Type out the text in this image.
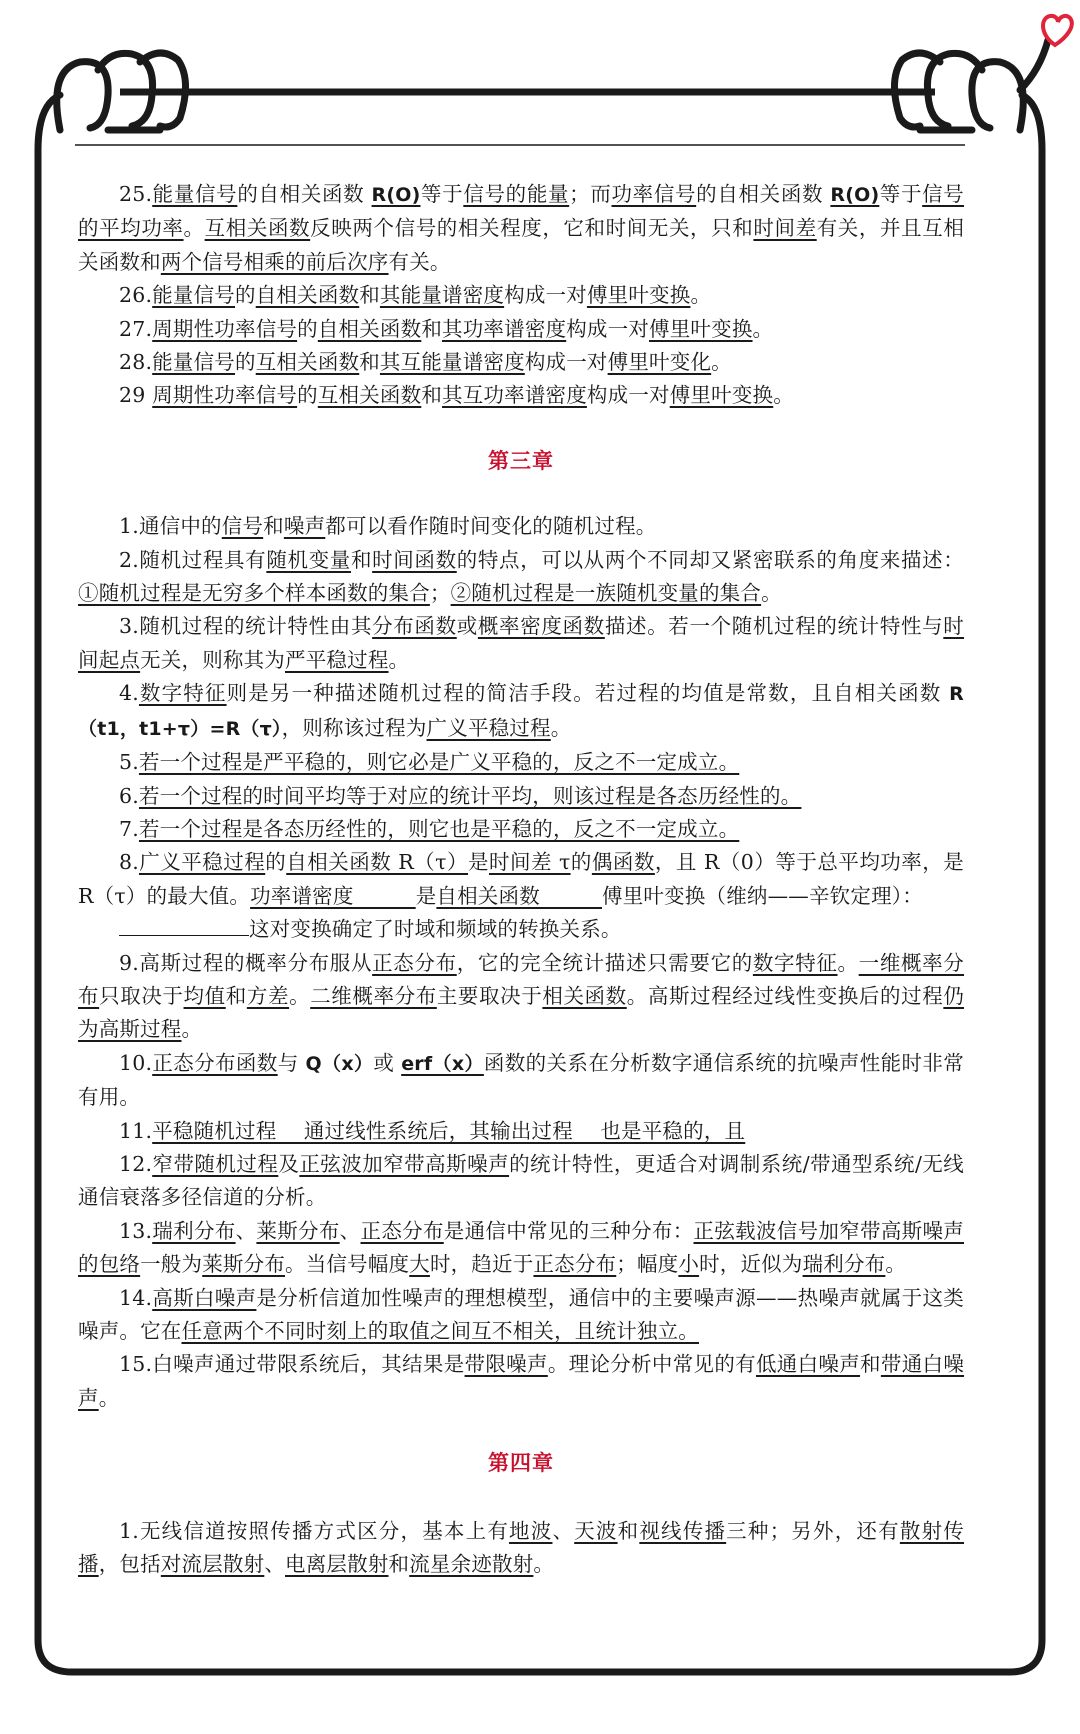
25.能量信号的自相关函数 R(O)等于信号的能量；而功率信号的自相关函数 R(O)等于信号的平均功率。互相关函数反映两个信号的相关程度，它和时间无关，只和时间差有关，并且互相关函数和两个信号相乘的前后次序有关。

26.能量信号的自相关函数和其能量谱密度构成一对傅里叶变换。

27.周期性功率信号的自相关函数和其功率谱密度构成一对傅里叶变换。

28.能量信号的互相关函数和其互能量谱密度构成一对傅里叶变化。

29 周期性功率信号的互相关函数和其互功率谱密度构成一对傅里叶变换。

第三章

1.通信中的信号和噪声都可以看作随时间变化的随机过程。

2.随机过程具有随机变量和时间函数的特点，可以从两个不同却又紧密联系的角度来描述：①随机过程是无穷多个样本函数的集合；②随机过程是一族随机变量的集合。

3.随机过程的统计特性由其分布函数或概率密度函数描述。若一个随机过程的统计特性与时间起点无关，则称其为严平稳过程。

4.数字特征则是另一种描述随机过程的简洁手段。若过程的均值是常数，且自相关函数 R（t1，t1+τ）=R（τ），则称该过程为广义平稳过程。

5.若一个过程是严平稳的，则它必是广义平稳的，反之不一定成立。

6.若一个过程的时间平均等于对应的统计平均，则该过程是各态历经性的。

7.若一个过程是各态历经性的，则它也是平稳的，反之不一定成立。

8.广义平稳过程的自相关函数 R（τ）是时间差 τ的偶函数，且 R（0）等于总平均功率，是 R（τ）的最大值。功率谱密度　　　是自相关函数　　　傅里叶变换（维纳——辛钦定理）：

这对变换确定了时域和频域的转换关系。

9.高斯过程的概率分布服从正态分布，它的完全统计描述只需要它的数字特征。一维概率分布只取决于均值和方差。二维概率分布主要取决于相关函数。高斯过程经过线性变换后的过程仍为高斯过程。

10.正态分布函数与 Q（x）或 erf（x）函数的关系在分析数字通信系统的抗噪声性能时非常有用。

11.平稳随机过程　 通过线性系统后，其输出过程　 也是平稳的，且

12.窄带随机过程及正弦波加窄带高斯噪声的统计特性，更适合对调制系统/带通型系统/无线通信衰落多径信道的分析。

13.瑞利分布、莱斯分布、正态分布是通信中常见的三种分布：正弦载波信号加窄带高斯噪声的包络一般为莱斯分布。当信号幅度大时，趋近于正态分布；幅度小时，近似为瑞利分布。

14.高斯白噪声是分析信道加性噪声的理想模型，通信中的主要噪声源——热噪声就属于这类噪声。它在任意两个不同时刻上的取值之间互不相关，且统计独立。

15.白噪声通过带限系统后，其结果是带限噪声。理论分析中常见的有低通白噪声和带通白噪声。

第四章

1.无线信道按照传播方式区分，基本上有地波、天波和视线传播三种；另外，还有散射传播，包括对流层散射、电离层散射和流星余迹散射。
